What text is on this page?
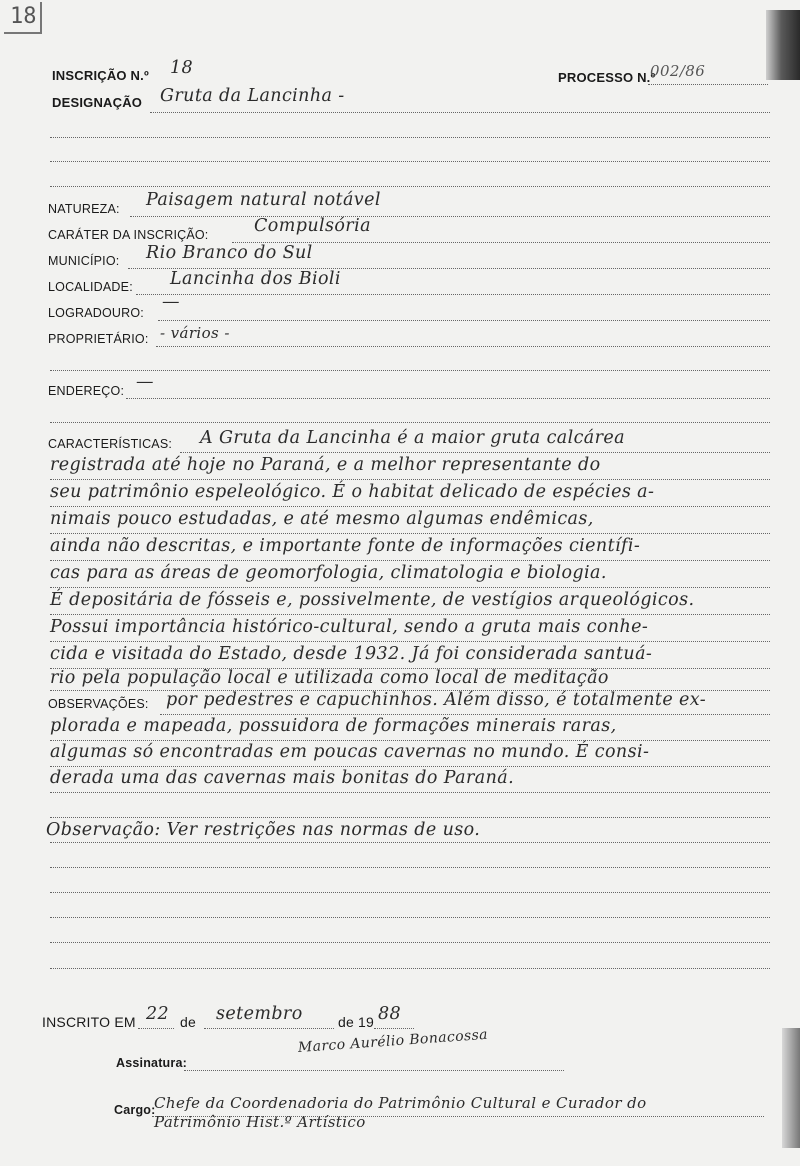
18
INSCRIÇÃO N.º 18	PROCESSO N.º
002/86
DESIGNAÇÃO Gruta da Lancinha -
NATUREZA: Paisagem natural notável
CARÁTER DA INSCRIÇÃO:	Compulsória
MUNICÍPIO: Rio Branco do Sul
LOCALIDADE: Lancinha dos Bioli
LOGRADOURO:
—
PROPRIETÁRIO: - vários -
ENDEREÇO: —
CARACTERÍSTICAS: A Gruta da Lancinha é a maior gruta calcárea
registrada até hoje no Paraná, e a melhor representante do
seu patrimônio espeleológico. É o habitat delicado de espécies a-
nimais pouco estudadas, e até mesmo algumas endêmicas,
ainda não descritas, e importante fonte de informações científi-
cas para as áreas de geomorfologia, climatologia e biologia.
É depositária de fósseis e, possivelmente, de vestígios arqueológicos.
Possui importância histórico-cultural, sendo a gruta mais conhe-
cida e visitada do Estado, desde 1932. Já foi considerada santuá-
rio pela população local e utilizada como local de meditação
OBSERVAÇÕES: por pedestres e capuchinhos. Além disso, é totalmente ex-
plorada e mapeada, possuidora de formações minerais raras,
algumas só encontradas em poucas cavernas no mundo. É consi-
derada uma das cavernas mais bonitas do Paraná.
Observação: Ver restrições nas normas de uso.
INSCRITO EM 22 de setembro	de 19 88
Assinatura:
Marco Aurélio Bonacossa
Cargo:
Chefe da Coordenadoria do Patrimônio Cultural e Curador do
Patrimônio Hist.º Artístico
